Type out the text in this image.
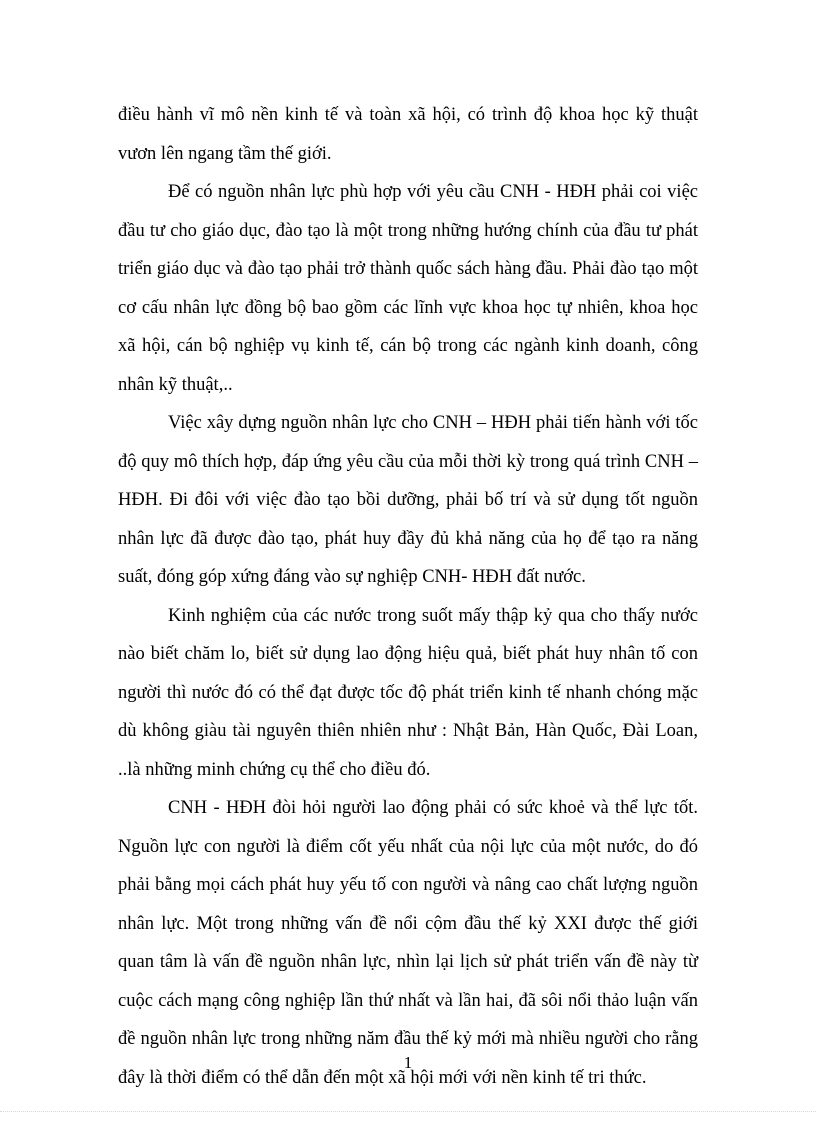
điều hành vĩ mô nền kinh tế và toàn xã hội, có trình độ khoa học kỹ thuật vươn lên ngang tầm thế giới.

Để có nguồn nhân lực phù hợp với yêu cầu CNH - HĐH phải coi việc đầu tư cho giáo dục, đào tạo là một trong những hướng chính của đầu tư phát triển giáo dục và đào tạo phải trở thành quốc sách hàng đầu. Phải đào tạo một cơ cấu nhân lực đồng bộ bao gồm các lĩnh vực khoa học tự nhiên, khoa học xã hội, cán bộ nghiệp vụ kinh tế, cán bộ trong các ngành kinh doanh, công nhân kỹ thuật,..

Việc xây dựng nguồn nhân lực cho CNH – HĐH phải tiến hành với tốc độ quy mô thích hợp, đáp ứng yêu cầu của mỗi thời kỳ trong quá trình CNH – HĐH. Đi đôi với việc đào tạo bồi dưỡng, phải bố trí và sử dụng tốt nguồn nhân lực đã được đào tạo, phát huy đầy đủ khả năng của họ để tạo ra năng suất, đóng góp xứng đáng vào sự nghiệp CNH- HĐH đất nước.

Kinh nghiệm của các nước trong suốt mấy thập kỷ qua cho thấy nước nào biết chăm lo, biết sử dụng lao động hiệu quả, biết phát huy nhân tố con người thì nước đó có thể đạt được tốc độ phát triển kinh tế nhanh chóng mặc dù không giàu tài nguyên thiên nhiên như : Nhật Bản, Hàn Quốc, Đài Loan, ..là những minh chứng cụ thể cho điều đó.

CNH - HĐH đòi hỏi người lao động phải có sức khoẻ và thể lực tốt. Nguồn lực con người là điểm cốt yếu nhất của nội lực của một nước, do đó phải bằng mọi cách phát huy yếu tố con người và nâng cao chất lượng nguồn nhân lực. Một trong những vấn đề nổi cộm đầu thế kỷ XXI được thế giới quan tâm là vấn đề nguồn nhân lực, nhìn lại lịch sử phát triển vấn đề này từ cuộc cách mạng công nghiệp lần thứ nhất và lần hai, đã sôi nổi thảo luận vấn đề nguồn nhân lực trong những năm đầu thế kỷ mới mà nhiều người cho rằng đây là thời điểm có thể dẫn đến một xã hội mới với nền kinh tế tri thức.

1
